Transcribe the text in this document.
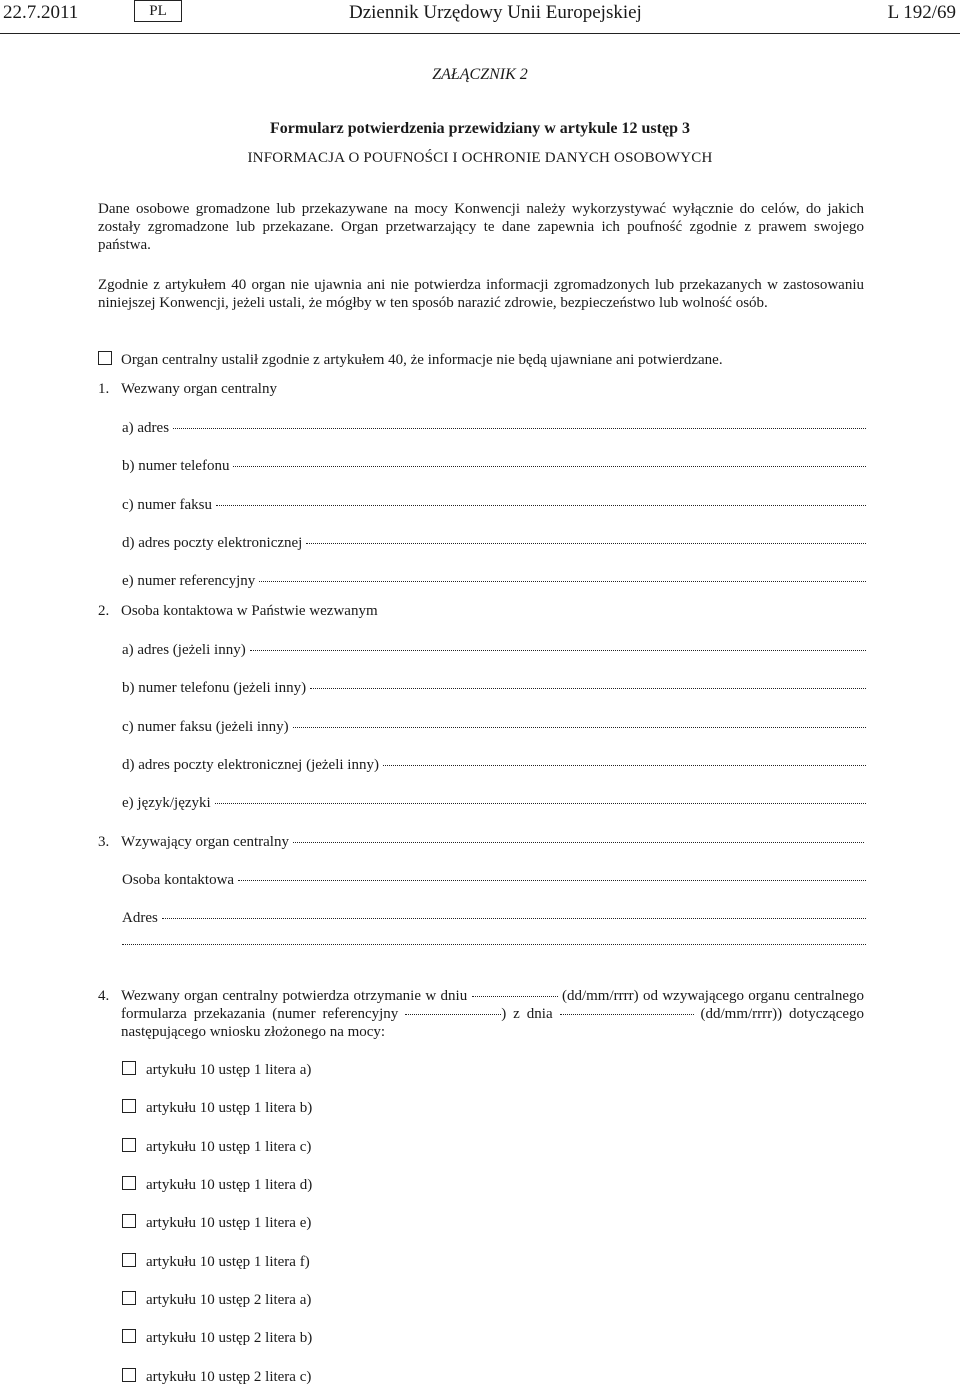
22.7.2011	PL	Dziennik Urzędowy Unii Europejskiej	L 192/69
ZAŁĄCZNIK 2
Formularz potwierdzenia przewidziany w artykule 12 ustęp 3
INFORMACJA O POUFNOŚCI I OCHRONIE DANYCH OSOBOWYCH
Dane osobowe gromadzone lub przekazywane na mocy Konwencji należy wykorzystywać wyłącznie do celów, do jakich zostały zgromadzone lub przekazane. Organ przetwarzający te dane zapewnia ich poufność zgodnie z prawem swojego państwa.
Zgodnie z artykułem 40 organ nie ujawnia ani nie potwierdza informacji zgromadzonych lub przekazanych w zastosowaniu niniejszej Konwencji, jeżeli ustali, że mógłby w ten sposób narazić zdrowie, bezpieczeństwo lub wolność osób.
Organ centralny ustalił zgodnie z artykułem 40, że informacje nie będą ujawniane ani potwierdzane.
1. Wezwany organ centralny
a) adres
b) numer telefonu
c) numer faksu
d) adres poczty elektronicznej
e) numer referencyjny
2. Osoba kontaktowa w Państwie wezwanym
a) adres (jeżeli inny)
b) numer telefonu (jeżeli inny)
c) numer faksu (jeżeli inny)
d) adres poczty elektronicznej (jeżeli inny)
e) język/języki
3. Wzywający organ centralny
Osoba kontaktowa
Adres
4. Wezwany organ centralny potwierdza otrzymanie w dniu	(dd/mm/rrrr) od wzywającego organu centralnego formularza przekazania (numer referencyjny	) z dnia	(dd/mm/rrrr)) dotyczącego następującego wniosku złożonego na mocy:
artykułu 10 ustęp 1 litera a)
artykułu 10 ustęp 1 litera b)
artykułu 10 ustęp 1 litera c)
artykułu 10 ustęp 1 litera d)
artykułu 10 ustęp 1 litera e)
artykułu 10 ustęp 1 litera f)
artykułu 10 ustęp 2 litera a)
artykułu 10 ustęp 2 litera b)
artykułu 10 ustęp 2 litera c)
